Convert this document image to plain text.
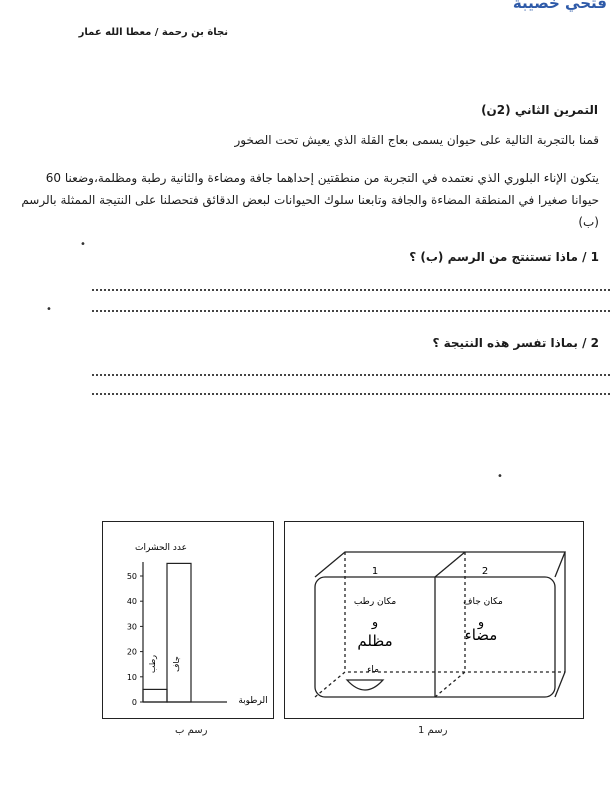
فتحي خصيبة
نجاة بن رحمة / معطا الله عمار
التمرين الثاني (2ن)
قمنا بالتجربة التالية على حيوان يسمى بعاج القلة الذي يعيش تحت الصخور
يتكون الإناء البلوري الذي نعتمده في التجربة من منطقتين إحداهما جافة ومضاءة والثانية رطبة ومظلمة،وضعنا 60 حيوانا صغيرا في المنطقة المضاءة والجافة وتابعنا سلوك الحيوانات لبعض الدقائق فتحصلنا على النتيجة الممثلة بالرسم (ب)
•
•
1 / ماذا تستنتج من الرسم (ب) ؟
2 / بماذا تفسر هذه النتيجة ؟
•
عدد الحشرات
الرطوبة
0
10
20
30
40
50
رطب جاف
رسم ب
1	2
مكان رطب
و
مظلم
مكان جاف
و
مضاء
ماء
رسم 1
